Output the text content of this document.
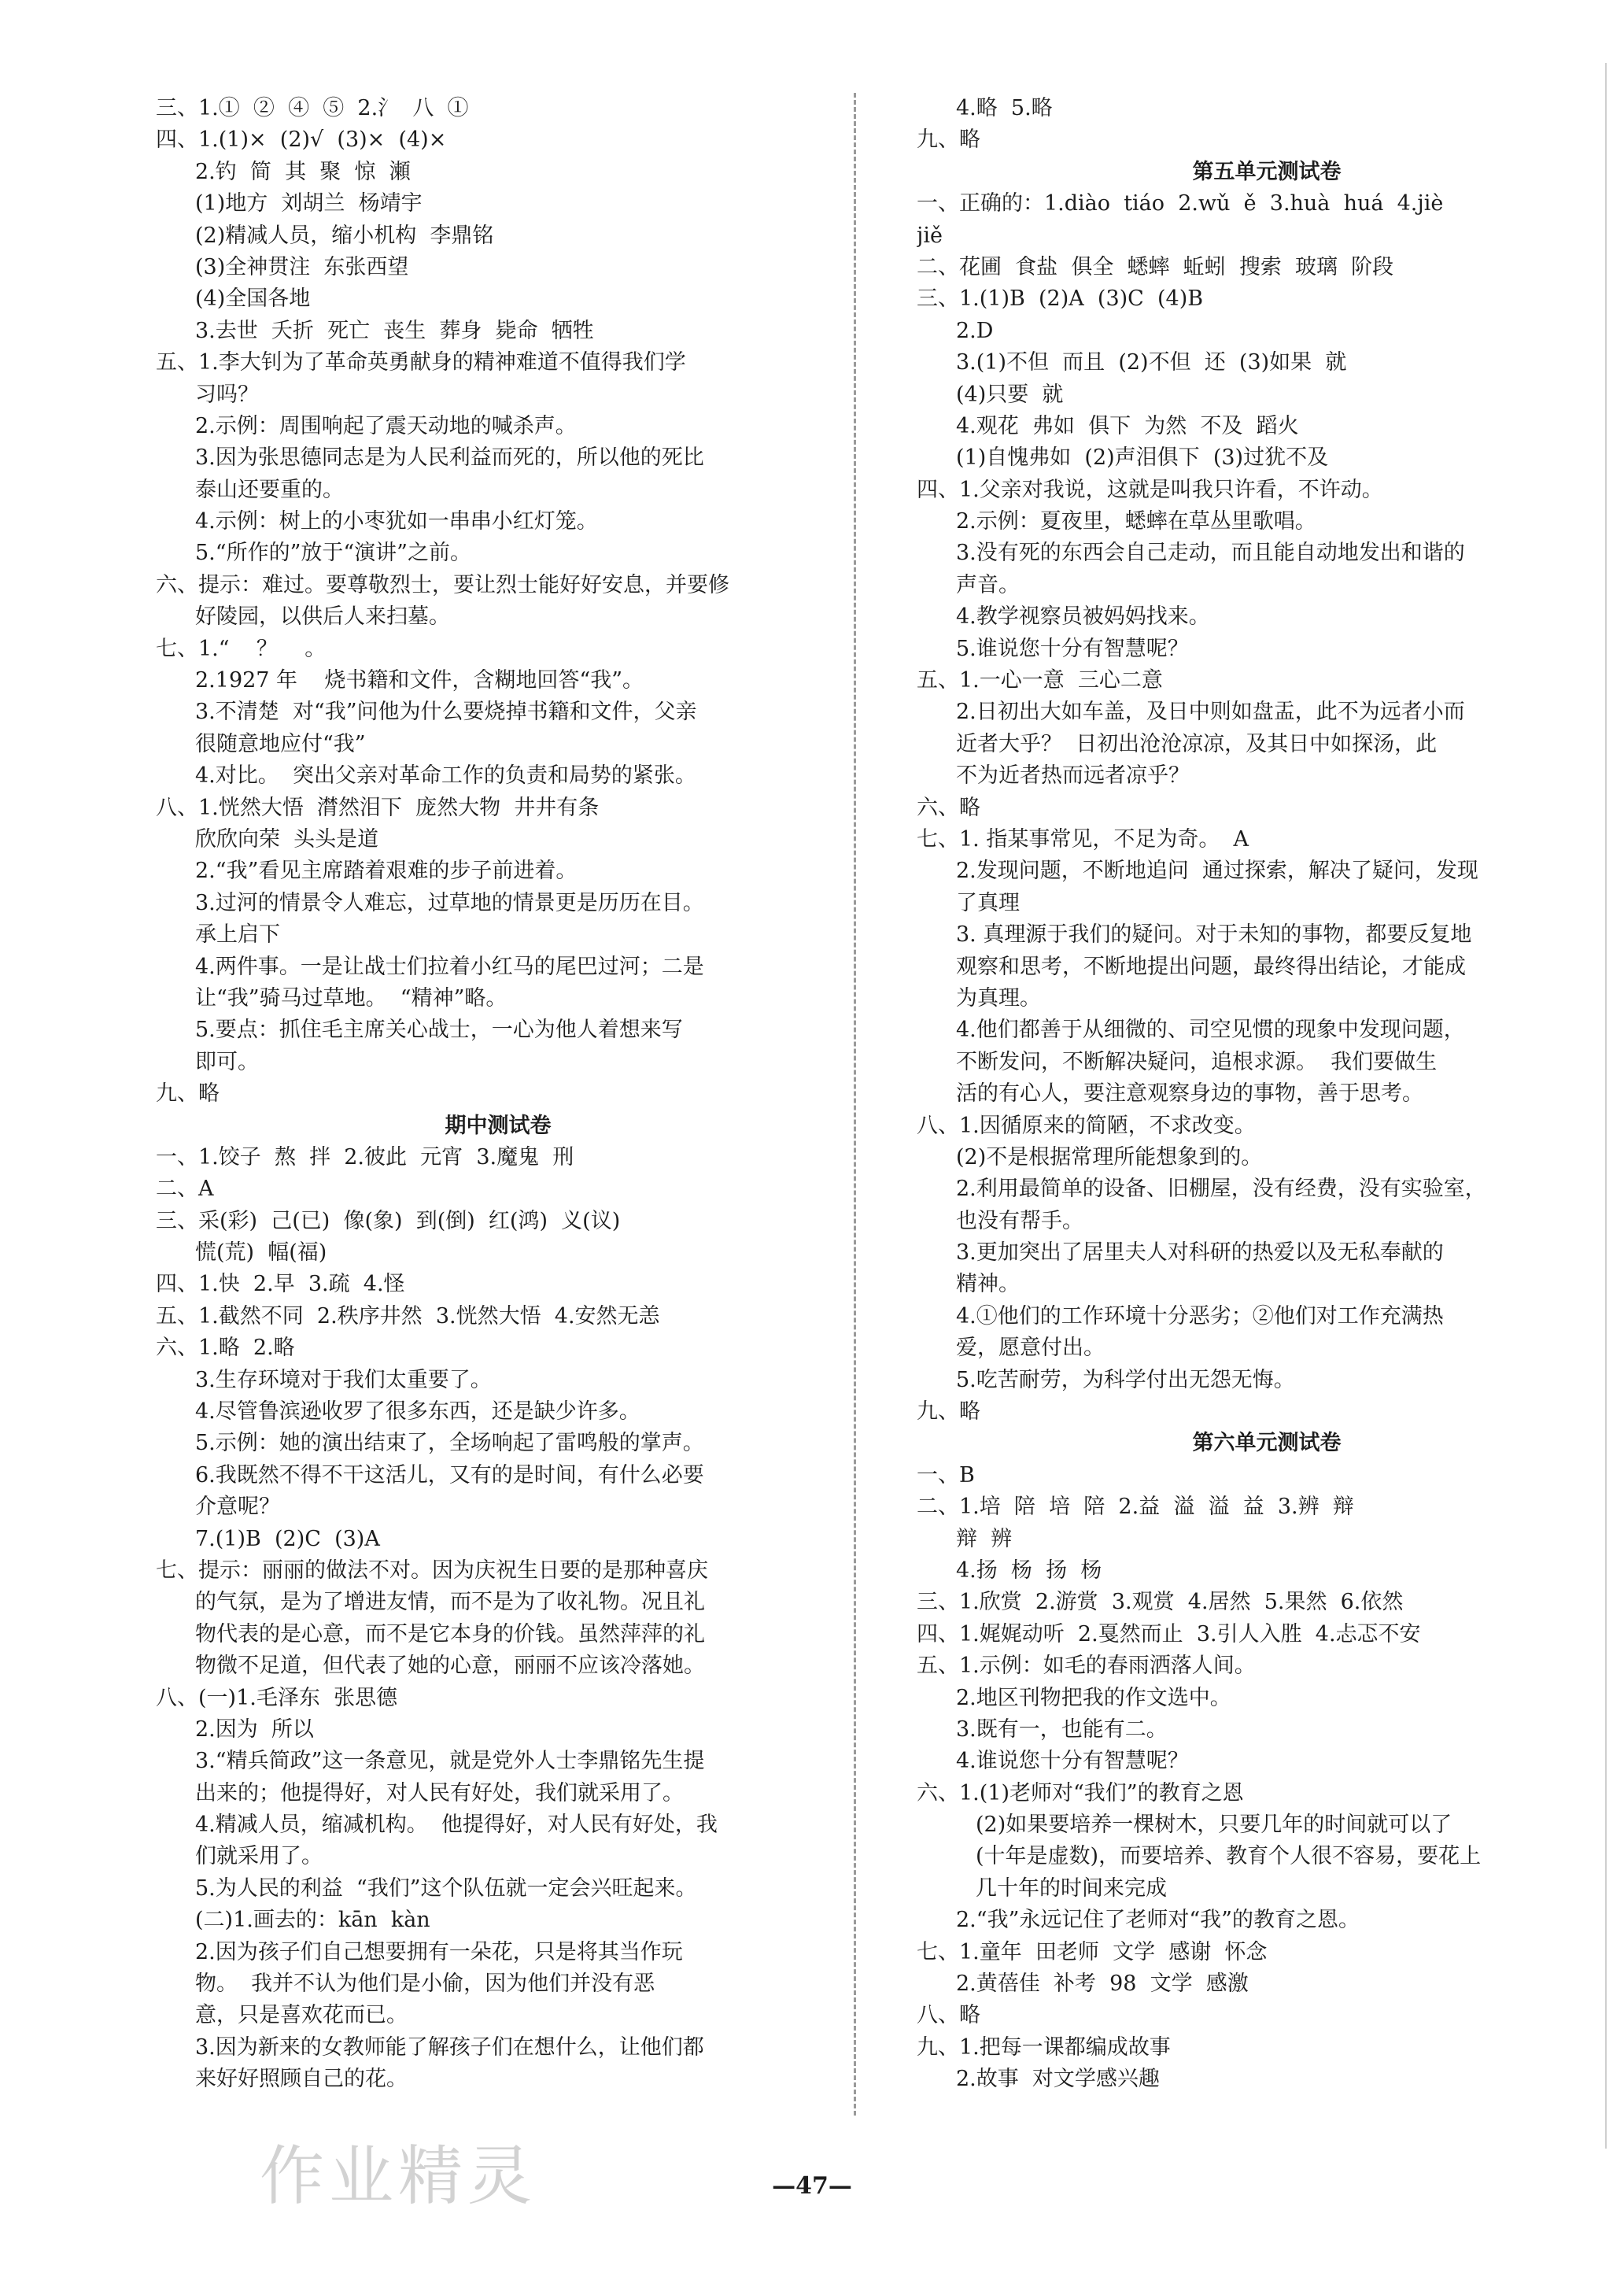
三、1.①  ②  ④  ⑤  2.氵  八  ①
四、1.(1)×  (2)√  (3)×  (4)×
2.钓  简  其  聚  惊  瀬
(1)地方  刘胡兰  杨靖宇
(2)精减人员，缩小机构  李鼎铭
(3)全神贯注  东张西望
(4)全国各地
3.去世  夭折  死亡  丧生  葬身  毙命  牺牲
五、1.李大钊为了革命英勇献身的精神难道不值得我们学
习吗？
2.示例：周围响起了震天动地的喊杀声。
3.因为张思德同志是为人民利益而死的，所以他的死比
泰山还要重的。
4.示例：树上的小枣犹如一串串小红灯笼。
5.“所作的”放于“演讲”之前。
六、提示：难过。要尊敬烈士，要让烈士能好好安息，并要修
好陵园，以供后人来扫墓。
七、1.“    ？    。
2.1927 年    烧书籍和文件，含糊地回答“我”。
3.不清楚  对“我”问他为什么要烧掉书籍和文件，父亲
很随意地应付“我”
4.对比。  突出父亲对革命工作的负责和局势的紧张。
八、1.恍然大悟  潸然泪下  庞然大物  井井有条
欣欣向荣  头头是道
2.“我”看见主席踏着艰难的步子前进着。
3.过河的情景令人难忘，过草地的情景更是历历在目。
承上启下
4.两件事。一是让战士们拉着小红马的尾巴过河；二是
让“我”骑马过草地。  “精神”略。
5.要点：抓住毛主席关心战士，一心为他人着想来写
即可。
九、略
期中测试卷
一、1.饺子  熬  拌  2.彼此  元宵  3.魔鬼  刑
二、A
三、采(彩)  己(已)  像(象)  到(倒)  红(鸿)  义(议)
慌(荒)  幅(福)
四、1.快  2.早  3.疏  4.怪
五、1.截然不同  2.秩序井然  3.恍然大悟  4.安然无恙
六、1.略  2.略
3.生存环境对于我们太重要了。
4.尽管鲁滨逊收罗了很多东西，还是缺少许多。
5.示例：她的演出结束了，全场响起了雷鸣般的掌声。
6.我既然不得不干这活儿，又有的是时间，有什么必要
介意呢？
7.(1)B  (2)C  (3)A
七、提示：丽丽的做法不对。因为庆祝生日要的是那种喜庆
的气氛，是为了增进友情，而不是为了收礼物。况且礼
物代表的是心意，而不是它本身的价钱。虽然萍萍的礼
物微不足道，但代表了她的心意，丽丽不应该冷落她。
八、(一)1.毛泽东  张思德
2.因为  所以
3.“精兵简政”这一条意见，就是党外人士李鼎铭先生提
出来的；他提得好，对人民有好处，我们就采用了。
4.精减人员，缩减机构。  他提得好，对人民有好处，我
们就采用了。
5.为人民的利益  “我们”这个队伍就一定会兴旺起来。
(二)1.画去的：kān  kàn
2.因为孩子们自己想要拥有一朵花，只是将其当作玩
物。  我并不认为他们是小偷，因为他们并没有恶
意，只是喜欢花而已。
3.因为新来的女教师能了解孩子们在想什么，让他们都
来好好照顾自己的花。
4.略  5.略
九、略
第五单元测试卷
一、正确的：1.diào  tiáo  2.wǔ  ě  3.huà  huá  4.jiè
jiě
二、花圃  食盐  俱全  蟋蟀  蚯蚓  搜索  玻璃  阶段
三、1.(1)B  (2)A  (3)C  (4)B
2.D
3.(1)不但  而且  (2)不但  还  (3)如果  就
(4)只要  就
4.观花  弗如  俱下  为然  不及  蹈火
(1)自愧弗如  (2)声泪俱下  (3)过犹不及
四、1.父亲对我说，这就是叫我只许看，不许动。
2.示例：夏夜里，蟋蟀在草丛里歌唱。
3.没有死的东西会自己走动，而且能自动地发出和谐的
声音。
4.教学视察员被妈妈找来。
5.谁说您十分有智慧呢？
五、1.一心一意  三心二意
2.日初出大如车盖，及日中则如盘盂，此不为远者小而
近者大乎？  日初出沧沧凉凉，及其日中如探汤，此
不为近者热而远者凉乎？
六、略
七、1. 指某事常见，不足为奇。  A
2.发现问题，不断地追问  通过探索，解决了疑问，发现
了真理
3. 真理源于我们的疑问。对于未知的事物，都要反复地
观察和思考，不断地提出问题，最终得出结论，才能成
为真理。
4.他们都善于从细微的、司空见惯的现象中发现问题，
不断发问，不断解决疑问，追根求源。  我们要做生
活的有心人，要注意观察身边的事物，善于思考。
八、1.因循原来的简陋，不求改变。
(2)不是根据常理所能想象到的。
2.利用最简单的设备、旧棚屋，没有经费，没有实验室，
也没有帮手。
3.更加突出了居里夫人对科研的热爱以及无私奉献的
精神。
4.①他们的工作环境十分恶劣；②他们对工作充满热
爱，愿意付出。
5.吃苦耐劳，为科学付出无怨无悔。
九、略
第六单元测试卷
一、B
二、1.培  陪  培  陪  2.益  溢  溢  益  3.辨  辩
辩  辨
4.扬  杨  扬  杨
三、1.欣赏  2.游赏  3.观赏  4.居然  5.果然  6.依然
四、1.娓娓动听  2.戛然而止  3.引人入胜  4.忐忑不安
五、1.示例：如毛的春雨洒落人间。
2.地区刊物把我的作文选中。
3.既有一，也能有二。
4.谁说您十分有智慧呢？
六、1.(1)老师对“我们”的教育之恩
(2)如果要培养一棵树木，只要几年的时间就可以了
(十年是虚数)，而要培养、教育个人很不容易，要花上
几十年的时间来完成
2.“我”永远记住了老师对“我”的教育之恩。
七、1.童年  田老师  文学  感谢  怀念
2.黄蓓佳  补考  98  文学  感激
八、略
九、1.把每一课都编成故事
2.故事  对文学感兴趣
作业精灵	—47—
